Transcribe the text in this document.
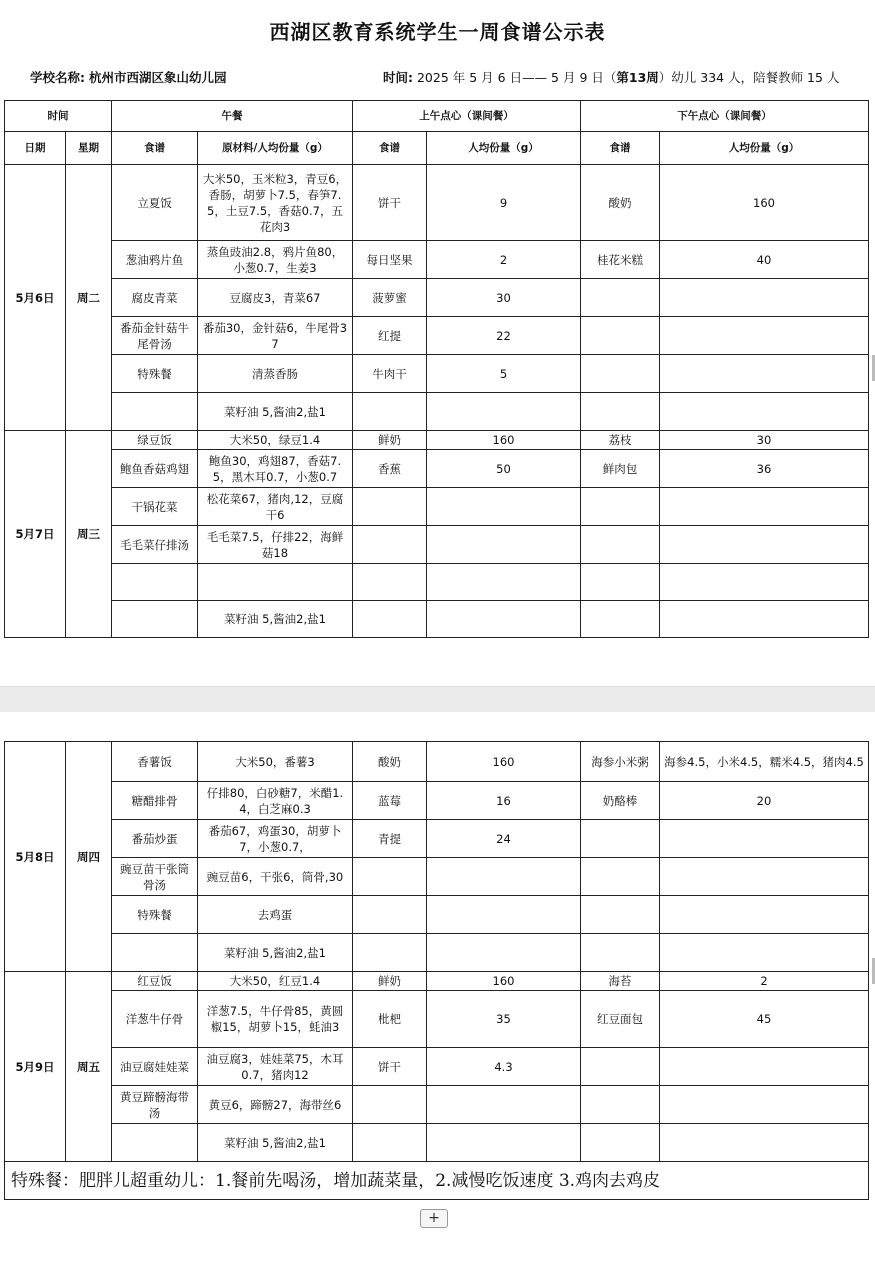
西湖区教育系统学生一周食谱公示表
学校名称: 杭州市西湖区象山幼儿园	时间: 2025 年 5 月 6 日—— 5 月 9 日（第13周）幼儿 334 人，陪餐教师 15 人
时间		午餐		上午点心（课间餐）		下午点心（课间餐）	
日期	星期	食谱	原材料/人均份量（g）	食谱	人均份量（g）	食谱	人均份量（g）
5月6日	周二	立夏饭	大米50，玉米粒3，青豆6，香肠，胡萝卜7.5，春笋7.5，土豆7.5，香菇0.7，五花肉3	饼干	9	酸奶	160
		葱油鸦片鱼	蒸鱼豉油2.8，鸦片鱼80，小葱0.7，生姜3	每日坚果	2	桂花米糕	40
		腐皮青菜	豆腐皮3，青菜67	菠萝蜜	30		
		番茄金针菇牛尾骨汤	番茄30，金针菇6，牛尾骨37	红提	22		
		特殊餐	清蒸香肠	牛肉干	5		
			菜籽油 5,酱油2,盐1				
5月7日	周三	绿豆饭	大米50，绿豆1.4	鲜奶	160	荔枝	30
		鲍鱼香菇鸡翅	鲍鱼30，鸡翅87，香菇7.5，黑木耳0.7，小葱0.7	香蕉	50	鲜肉包	36
		干锅花菜	松花菜67，猪肉,12，豆腐干6				
		毛毛菜仔排汤	毛毛菜7.5，仔排22，海鲜菇18				

			菜籽油 5,酱油2,盐1				
5月8日	周四	香薯饭	大米50，番薯3	酸奶	160	海参小米粥	海参4.5，小米4.5，糯米4.5，猪肉4.5
		糖醋排骨	仔排80，白砂糖7，米醋1.4，白芝麻0.3	蓝莓	16	奶酪棒	20
		番茄炒蛋	番茄67，鸡蛋30，胡萝卜7，小葱0.7，	青提	24		
		豌豆苗干张筒骨汤	豌豆苗6，干张6，筒骨,30				
		特殊餐	去鸡蛋				
			菜籽油 5,酱油2,盐1				
5月9日	周五	红豆饭	大米50，红豆1.4	鲜奶	160	海苔	2
		洋葱牛仔骨	洋葱7.5，牛仔骨85，黄圆椒15，胡萝卜15，蚝油3	枇杷	35	红豆面包	45
		油豆腐娃娃菜	油豆腐3，娃娃菜75，木耳0.7，猪肉12	饼干	4.3		
		黄豆蹄髈海带汤	黄豆6，蹄髈27，海带丝6				
			菜籽油 5,酱油2,盐1				
特殊餐：肥胖儿超重幼儿：1.餐前先喝汤，增加蔬菜量，2.减慢吃饭速度 3.鸡肉去鸡皮							
+
